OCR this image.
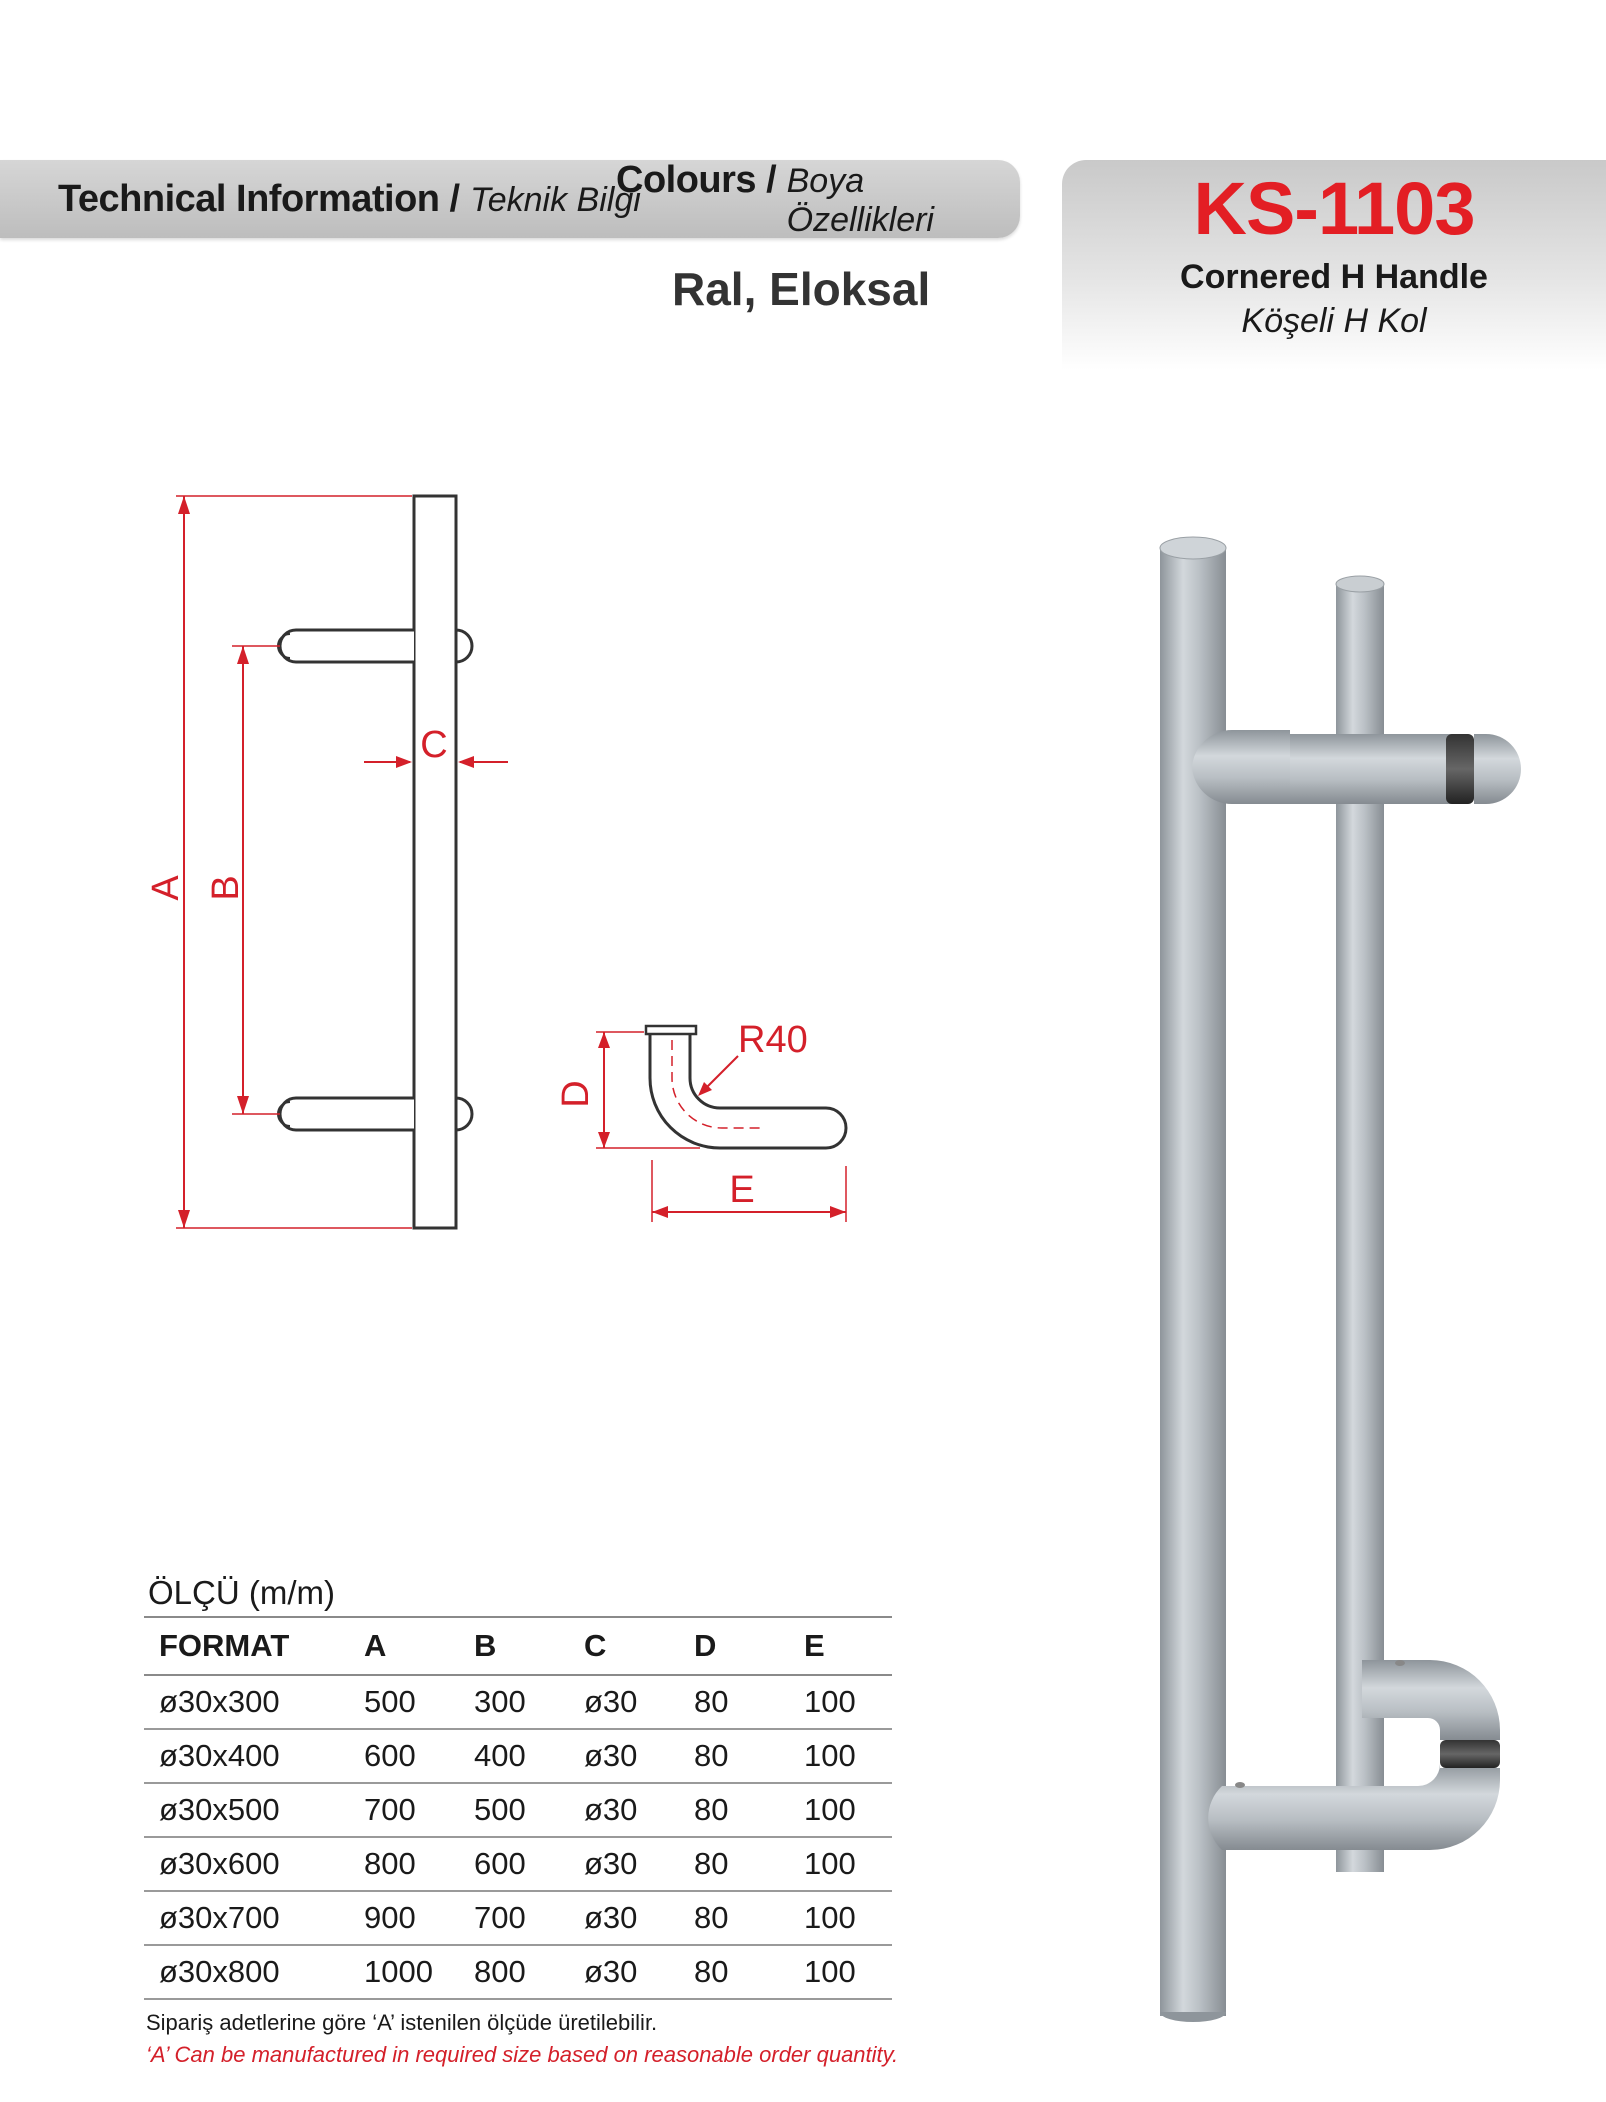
Technical Information / Teknik Bilgi
Colours / Boya Özellikleri
Ral, Eloksal
KS-1103
Cornered H Handle
Köşeli H Kol
A B
C
R40
D
E
ÖLÇÜ (m/m)
FORMAT	A	B	C	D	E
ø30x300	500	300	ø30	80	100
ø30x400	600	400	ø30	80	100
ø30x500	700	500	ø30	80	100
ø30x600	800	600	ø30	80	100
ø30x700	900	700	ø30	80	100
ø30x800	1000	800	ø30	80	100
Sipariş adetlerine göre ‘A’ istenilen ölçüde üretilebilir.
‘A’ Can be manufactured in required size based on reasonable order quantity.
